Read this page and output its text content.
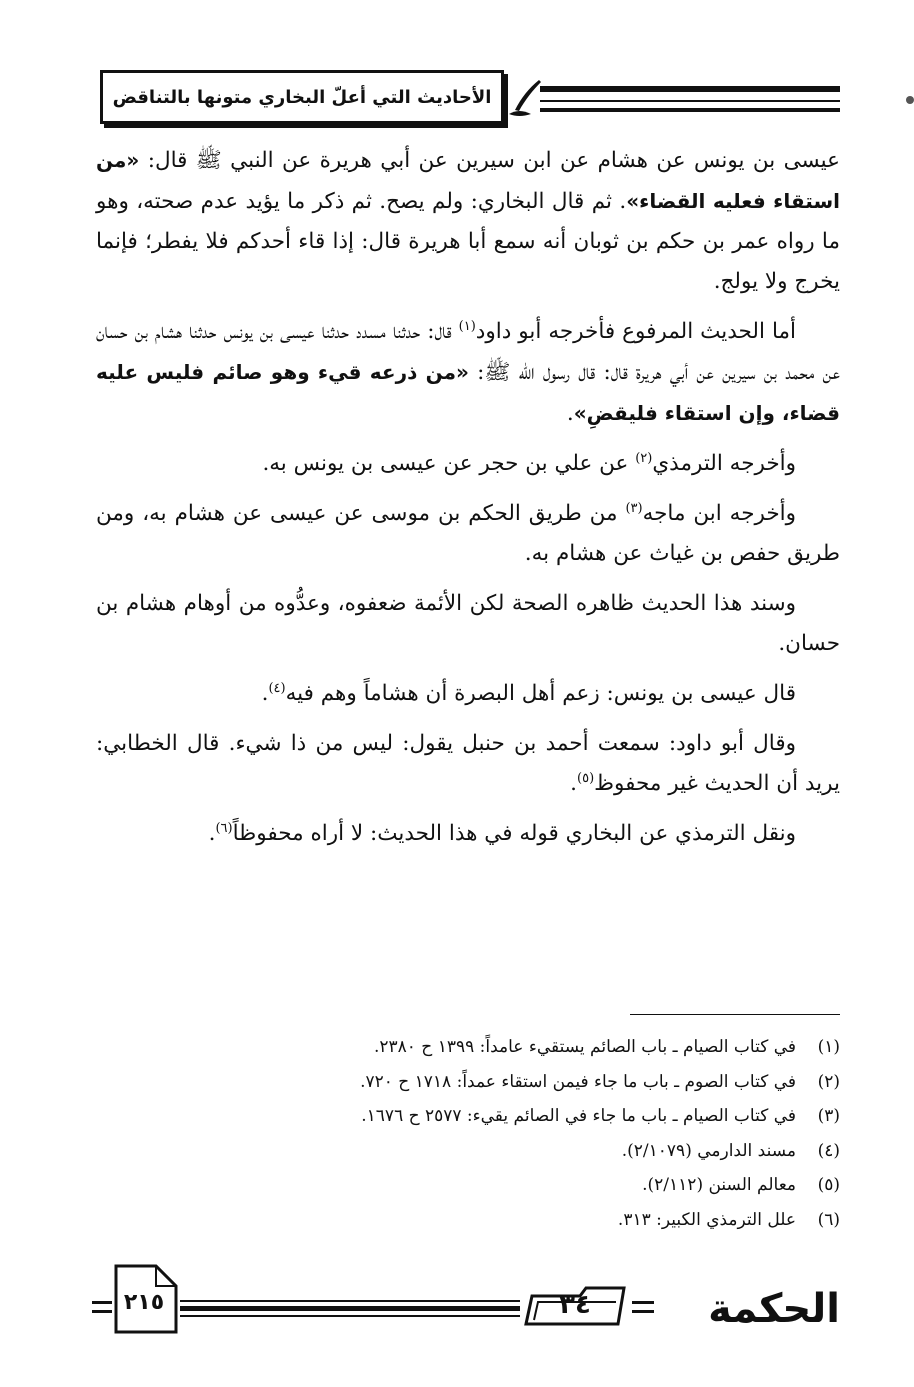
الأحاديث التي أعلّ البخاري متونها بالتناقض

عيسى بن يونس عن هشام عن ابن سيرين عن أبي هريرة عن النبي ﷺ قال: «من استقاء فعليه القضاء». ثم قال البخاري: ولم يصح. ثم ذكر ما يؤيد عدم صحته، وهو ما رواه عمر بن حكم بن ثوبان أنه سمع أبا هريرة قال: إذا قاء أحدكم فلا يفطر؛ فإنما يخرج ولا يولج.

أما الحديث المرفوع فأخرجه أبو داود$^{(١)}$ قال: حدثنا مسدد حدثنا عيسى بن يونس حدثنا هشام بن حسان عن محمد بن سيرين عن أبي هريرة قال: قال رسول الله ﷺ: «من ذرعه قيء وهو صائم فليس عليه قضاء، وإن استقاء فليقضِ».

وأخرجه الترمذي$^{(٢)}$ عن علي بن حجر عن عيسى بن يونس به.

وأخرجه ابن ماجه$^{(٣)}$ من طريق الحكم بن موسى عن عيسى عن هشام به، ومن طريق حفص بن غياث عن هشام به.

وسند هذا الحديث ظاهره الصحة لكن الأئمة ضعفوه، وعدُّوه من أوهام هشام بن حسان.

قال عيسى بن يونس: زعم أهل البصرة أن هشاماً وهم فيه$^{(٤)}$.

وقال أبو داود: سمعت أحمد بن حنبل يقول: ليس من ذا شيء. قال الخطابي: يريد أن الحديث غير محفوظ$^{(٥)}$.

ونقل الترمذي عن البخاري قوله في هذا الحديث: لا أراه محفوظاً$^{(٦)}$.

(١)في كتاب الصيام ـ باب الصائم يستقيء عامداً: ١٣٩٩ ح ٢٣٨٠.
(٢)في كتاب الصوم ـ باب ما جاء فيمن استقاء عمداً: ١٧١٨ ح ٧٢٠.
(٣)في كتاب الصيام ـ باب ما جاء في الصائم يقيء: ٢٥٧٧ ح ١٦٧٦.
(٤)مسند الدارمي (٢/١٠٧٩).
(٥)معالم السنن (٢/١١٢).
(٦)علل الترمذي الكبير: ٣١٣.
الحكمة
٣٤
٢١٥
